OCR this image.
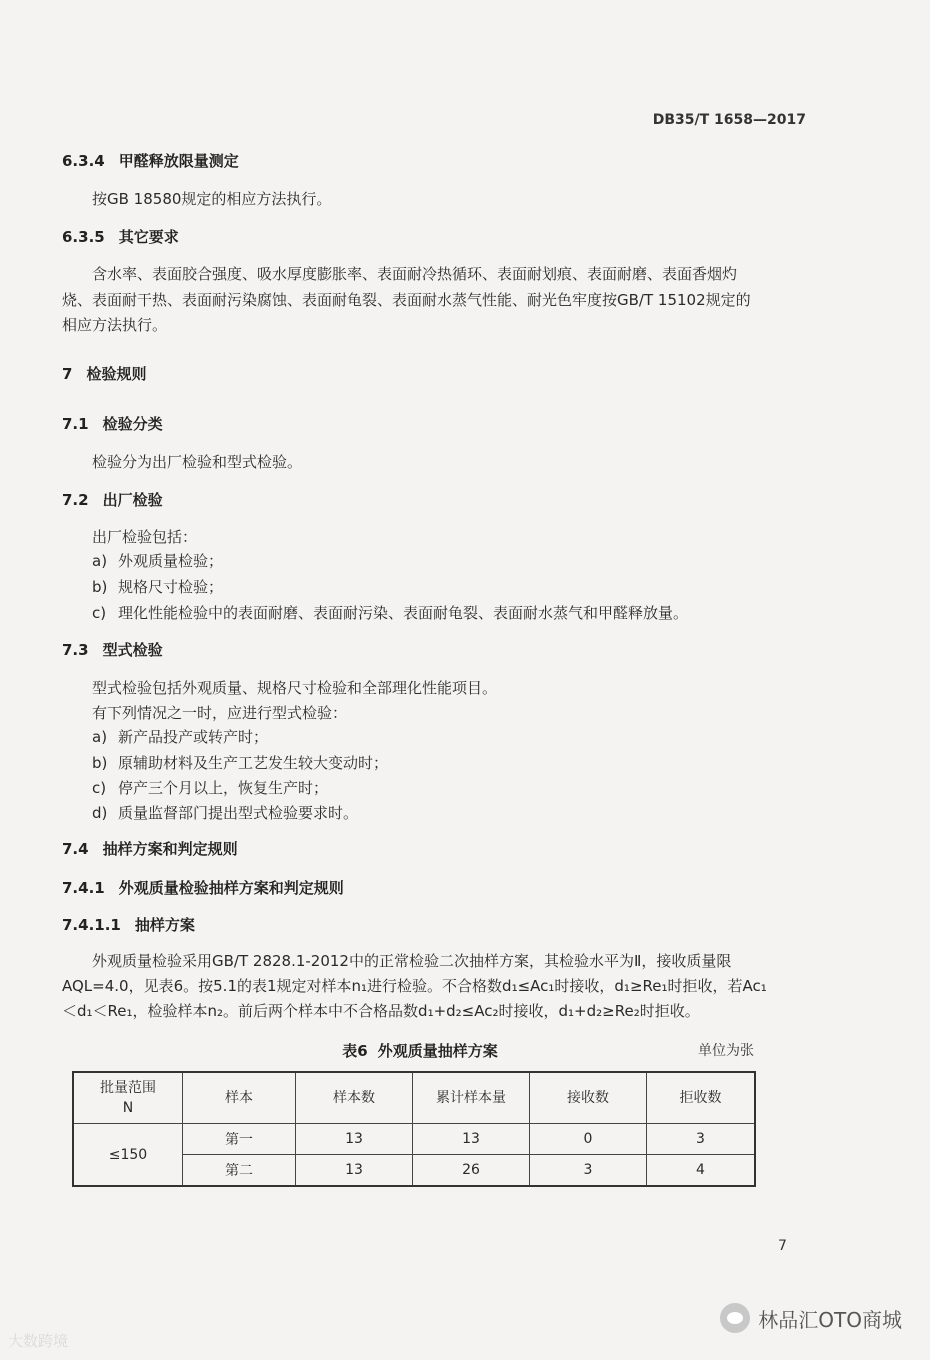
DB35/T 1658—2017
6.3.4 甲醛释放限量测定
按GB 18580规定的相应方法执行。
6.3.5 其它要求
含水率、表面胶合强度、吸水厚度膨胀率、表面耐冷热循环、表面耐划痕、表面耐磨、表面香烟灼
烧、表面耐干热、表面耐污染腐蚀、表面耐龟裂、表面耐水蒸气性能、耐光色牢度按GB/T 15102规定的
相应方法执行。
7 检验规则
7.1 检验分类
检验分为出厂检验和型式检验。
7.2 出厂检验
出厂检验包括：
a) 外观质量检验；
b) 规格尺寸检验；
c) 理化性能检验中的表面耐磨、表面耐污染、表面耐龟裂、表面耐水蒸气和甲醛释放量。
7.3 型式检验
型式检验包括外观质量、规格尺寸检验和全部理化性能项目。
有下列情况之一时，应进行型式检验：
a) 新产品投产或转产时；
b) 原辅助材料及生产工艺发生较大变动时；
c) 停产三个月以上，恢复生产时；
d) 质量监督部门提出型式检验要求时。
7.4 抽样方案和判定规则
7.4.1 外观质量检验抽样方案和判定规则
7.4.1.1 抽样方案
外观质量检验采用GB/T 2828.1-2012中的正常检验二次抽样方案，其检验水平为Ⅱ，接收质量限
AQL=4.0，见表6。按5.1的表1规定对样本n₁进行检验。不合格数d₁≤Ac₁时接收，d₁≥Re₁时拒收，若Ac₁
＜d₁＜Re₁，检验样本n₂。前后两个样本中不合格品数d₁+d₂≤Ac₂时接收，d₁+d₂≥Re₂时拒收。
表6 外观质量抽样方案	单位为张
批量范围
N	样本	样本数	累计样本量	接收数	拒收数
≤150	第一	13	13	0	3
	第二	13	26	3	4
7
大数跨境
林品汇OTO商城
